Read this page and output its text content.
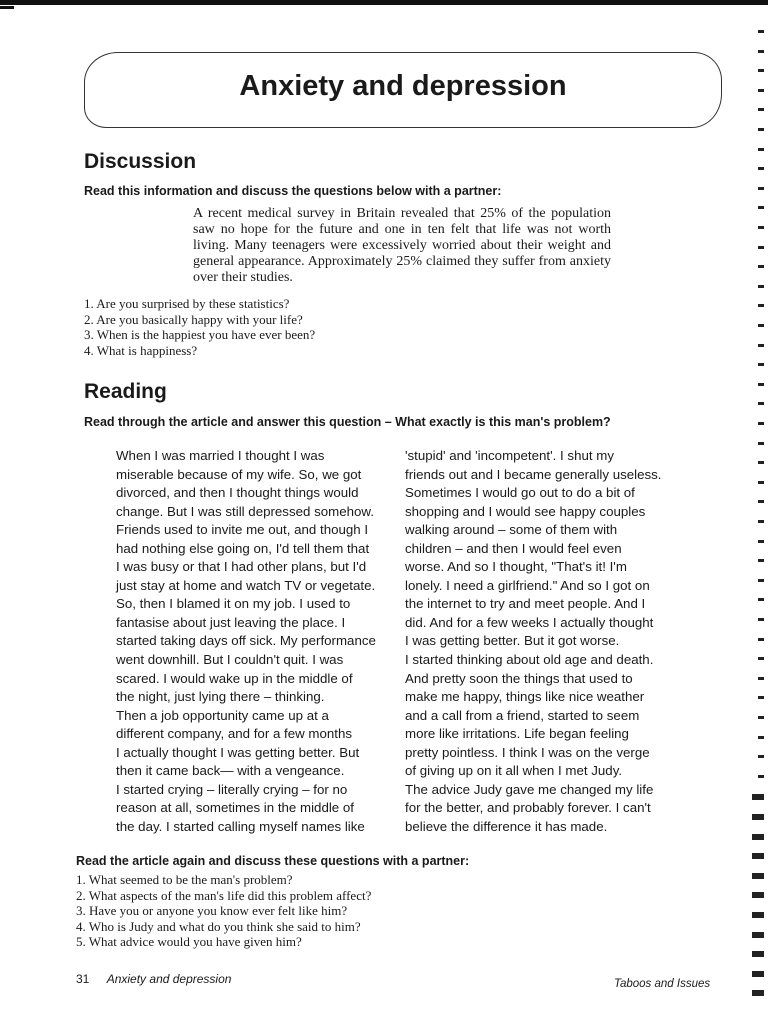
Anxiety and depression
Discussion

Read this information and discuss the questions below with a partner:

A recent medical survey in Britain revealed that 25% of the population saw no hope for the future and one in ten felt that life was not worth living. Many teenagers were excessively worried about their weight and general appearance. Approximately 25% claimed they suffer from anxiety over their studies.

1. Are you surprised by these statistics?
2. Are you basically happy with your life?
3. When is the happiest you have ever been?
4. What is happiness?
Reading

Read through the article and answer this question – What exactly is this man's problem?

When I was married I thought I was
miserable because of my wife. So, we got
divorced, and then I thought things would
change. But I was still depressed somehow.
Friends used to invite me out, and though I
had nothing else going on, I'd tell them that
I was busy or that I had other plans, but I'd
just stay at home and watch TV or vegetate.
So, then I blamed it on my job. I used to
fantasise about just leaving the place. I
started taking days off sick. My performance
went downhill. But I couldn't quit. I was
scared. I would wake up in the middle of
the night, just lying there – thinking.
Then a job opportunity came up at a
different company, and for a few months
I actually thought I was getting better. But
then it came back— with a vengeance.
I started crying – literally crying – for no
reason at all, sometimes in the middle of
the day. I started calling myself names like
'stupid' and 'incompetent'. I shut my
friends out and I became generally useless.
Sometimes I would go out to do a bit of
shopping and I would see happy couples
walking around – some of them with
children – and then I would feel even
worse. And so I thought, "That's it! I'm
lonely. I need a girlfriend." And so I got on
the internet to try and meet people. And I
did. And for a few weeks I actually thought
I was getting better. But it got worse.
I started thinking about old age and death.
And pretty soon the things that used to
make me happy, things like nice weather
and a call from a friend, started to seem
more like irritations. Life began feeling
pretty pointless. I think I was on the verge
of giving up on it all when I met Judy.
The advice Judy gave me changed my life
for the better, and probably forever. I can't
believe the difference it has made.

Read the article again and discuss these questions with a partner:

1. What seemed to be the man's problem?
2. What aspects of the man's life did this problem affect?
3. Have you or anyone you know ever felt like him?
4. Who is Judy and what do you think she said to him?
5. What advice would you have given him?
31 Anxiety and depression	Taboos and Issues
